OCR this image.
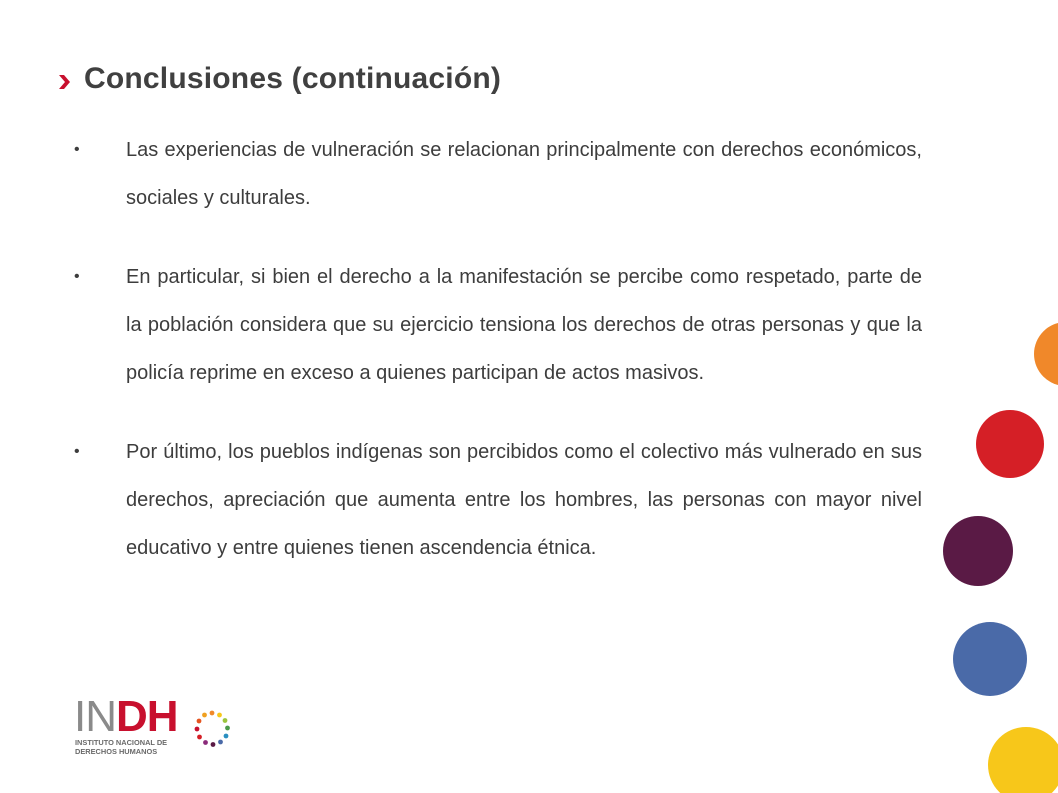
Conclusiones (continuación)
• Las experiencias de vulneración se relacionan principalmente con derechos económicos, sociales y culturales.
• En particular, si bien el derecho a la manifestación se percibe como respetado, parte de la población considera que su ejercicio tensiona los derechos de otras personas y que la policía reprime en exceso a quienes participan de actos masivos.
• Por último, los pueblos indígenas son percibidos como el colectivo más vulnerado en sus derechos, apreciación que aumenta entre los hombres, las personas con mayor nivel educativo y entre quienes tienen ascendencia étnica.
INDH
INSTITUTO NACIONAL DE
DERECHOS HUMANOS
